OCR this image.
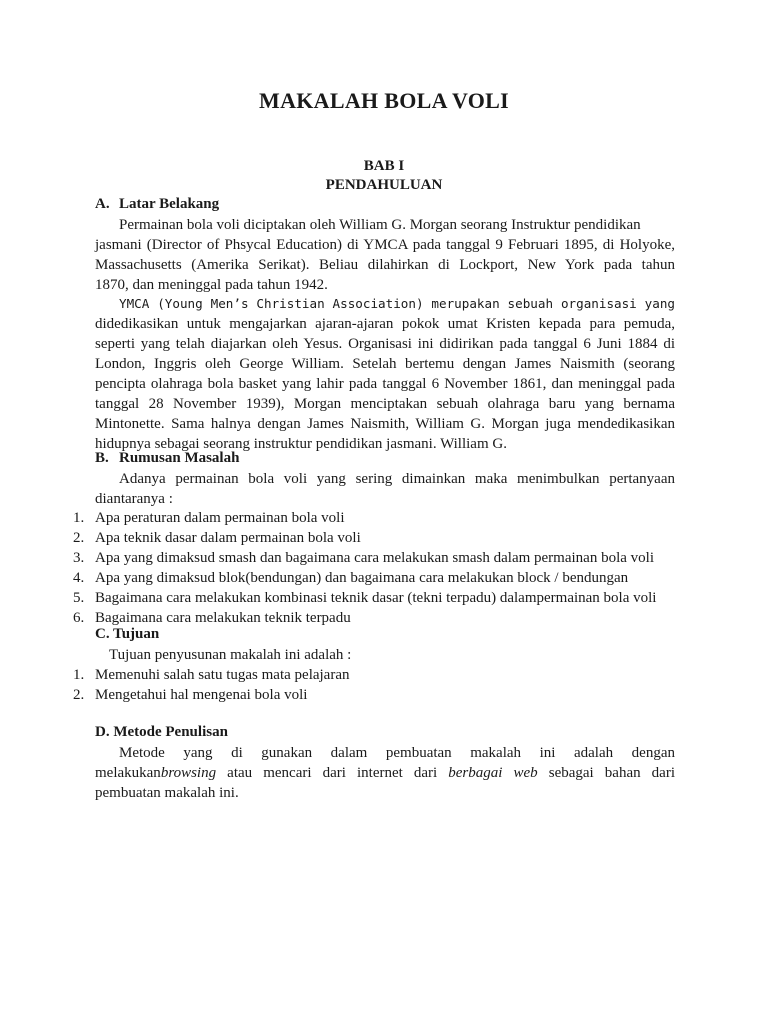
MAKALAH BOLA VOLI
BAB I
PENDAHULUAN
A. Latar Belakang
Permainan bola voli diciptakan oleh William G. Morgan seorang Instruktur pendidikan
jasmani (Director of Phsycal Education) di YMCA pada tanggal 9 Februari 1895, di Holyoke,
Massachusetts (Amerika Serikat). Beliau dilahirkan di Lockport, New York pada tahun
1870, dan meninggal pada tahun 1942.
YMCA (Young Men’s Christian Association) merupakan sebuah organisasi yang
didedikasikan untuk mengajarkan ajaran-ajaran pokok umat Kristen kepada para pemuda,
seperti yang telah diajarkan oleh Yesus. Organisasi ini didirikan pada tanggal 6 Juni 1884 di
London, Inggris oleh George William. Setelah bertemu dengan James Naismith (seorang
pencipta olahraga bola basket yang lahir pada tanggal 6 November 1861, dan meninggal pada
tanggal 28 November 1939), Morgan menciptakan sebuah olahraga baru yang bernama
Mintonette. Sama halnya dengan James Naismith, William G. Morgan juga mendedikasikan
hidupnya sebagai seorang instruktur pendidikan jasmani. William G.
B. Rumusan Masalah
Adanya permainan bola voli yang sering dimainkan maka menimbulkan pertanyaan
diantaranya :
1. Apa peraturan dalam permainan bola voli
2. Apa teknik dasar dalam permainan bola voli
3. Apa yang dimaksud smash dan bagaimana cara melakukan smash dalam permainan bola voli
4. Apa yang dimaksud blok(bendungan) dan bagaimana cara melakukan block / bendungan
5. Bagaimana cara melakukan kombinasi teknik dasar (tekni terpadu) dalampermainan bola voli
6. Bagaimana cara melakukan teknik terpadu
C. Tujuan
Tujuan penyusunan makalah ini adalah :
1. Memenuhi salah satu tugas mata pelajaran
2. Mengetahui hal mengenai bola voli
D. Metode Penulisan
Metode yang di gunakan dalam pembuatan makalah ini adalah dengan
melakukanbrowsing atau mencari dari internet dari berbagai web sebagai bahan dari
pembuatan makalah ini.
